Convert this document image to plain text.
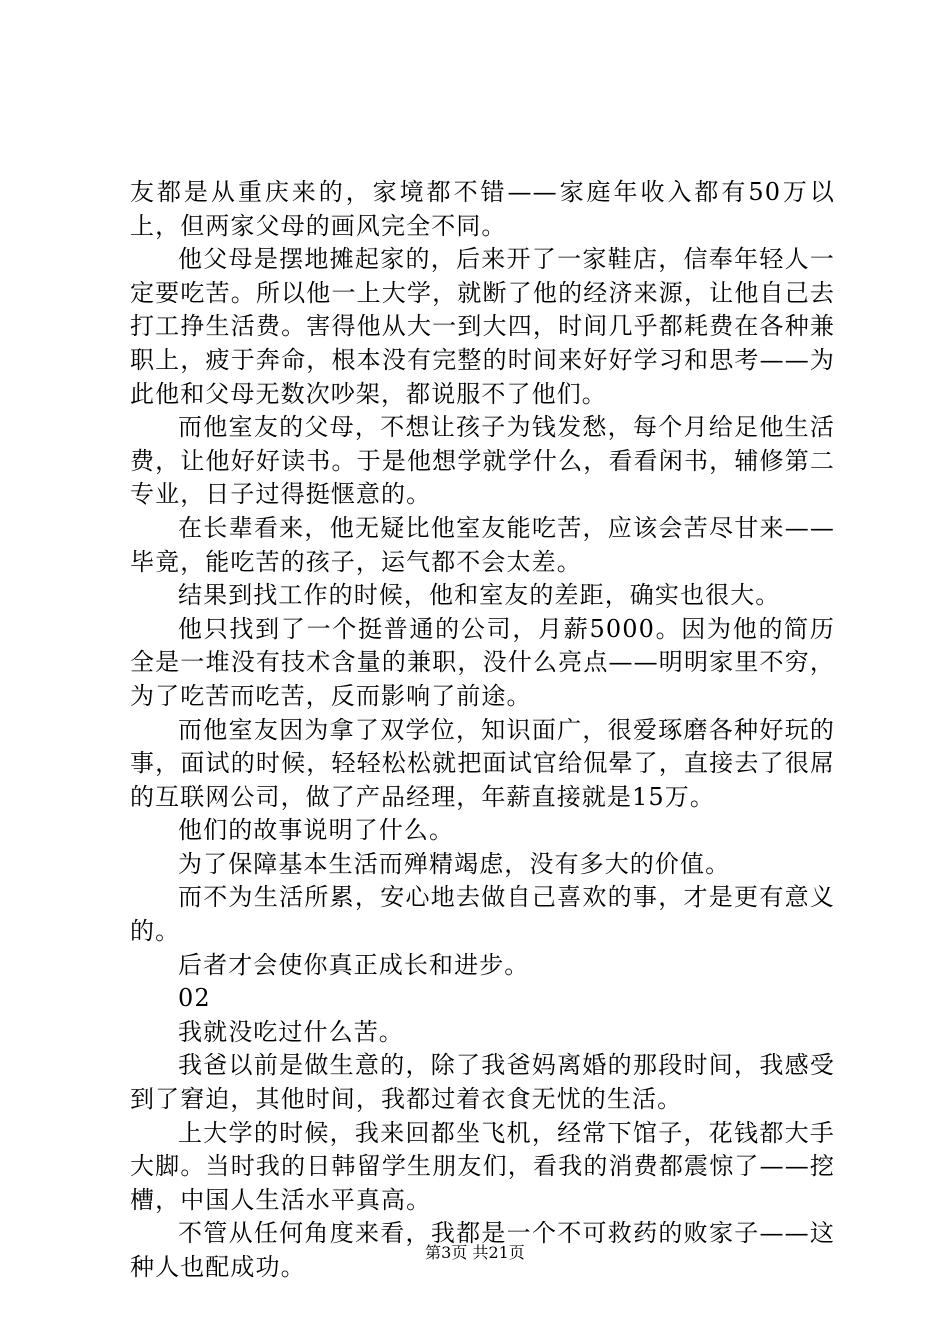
友都是从重庆来的，家境都不错——家庭年收入都有50万以上，但两家父母的画风完全不同。

他父母是摆地摊起家的，后来开了一家鞋店，信奉年轻人一定要吃苦。所以他一上大学，就断了他的经济来源，让他自己去打工挣生活费。害得他从大一到大四，时间几乎都耗费在各种兼职上，疲于奔命，根本没有完整的时间来好好学习和思考——为此他和父母无数次吵架，都说服不了他们。

而他室友的父母，不想让孩子为钱发愁，每个月给足他生活费，让他好好读书。于是他想学就学什么，看看闲书，辅修第二专业，日子过得挺惬意的。

在长辈看来，他无疑比他室友能吃苦，应该会苦尽甘来——毕竟，能吃苦的孩子，运气都不会太差。

结果到找工作的时候，他和室友的差距，确实也很大。

他只找到了一个挺普通的公司，月薪5000。因为他的简历全是一堆没有技术含量的兼职，没什么亮点——明明家里不穷，为了吃苦而吃苦，反而影响了前途。

而他室友因为拿了双学位，知识面广，很爱琢磨各种好玩的事，面试的时候，轻轻松松就把面试官给侃晕了，直接去了很屌的互联网公司，做了产品经理，年薪直接就是15万。

他们的故事说明了什么。

为了保障基本生活而殚精竭虑，没有多大的价值。

而不为生活所累，安心地去做自己喜欢的事，才是更有意义的。

后者才会使你真正成长和进步。

02

我就没吃过什么苦。

我爸以前是做生意的，除了我爸妈离婚的那段时间，我感受到了窘迫，其他时间，我都过着衣食无忧的生活。

上大学的时候，我来回都坐飞机，经常下馆子，花钱都大手大脚。当时我的日韩留学生朋友们，看我的消费都震惊了——挖槽，中国人生活水平真高。

不管从任何角度来看，我都是一个不可救药的败家子——这种人也配成功。

第3页 共21页
